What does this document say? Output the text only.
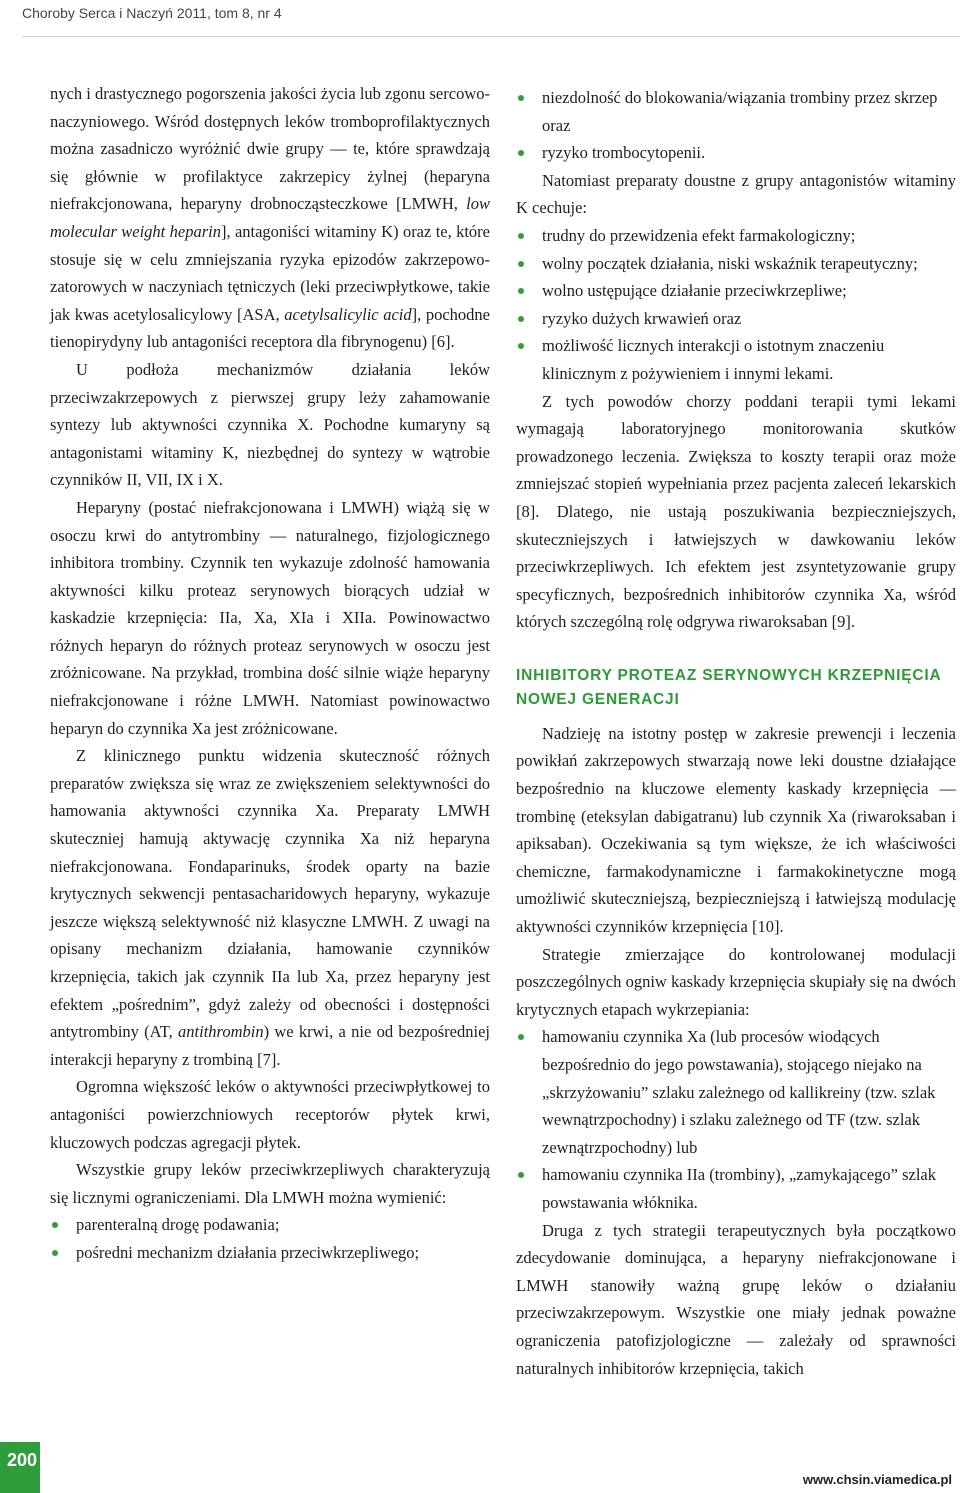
Choroby Serca i Naczyń 2011, tom 8, nr 4

nych i drastycznego pogorszenia jakości życia lub zgonu sercowo-naczyniowego. Wśród dostępnych leków tromboprofilaktycznych można zasadniczo wyróżnić dwie grupy — te, które sprawdzają się głównie w profilaktyce zakrzepicy żylnej (heparyna niefrakcjonowana, heparyny drobnocząsteczkowe [LMWH, low molecular weight heparin], antagoniści witaminy K) oraz te, które stosuje się w celu zmniejszania ryzyka epizodów zakrzepowo-zatorowych w naczyniach tętniczych (leki przeciwpłytkowe, takie jak kwas acetylosalicylowy [ASA, acetylsalicylic acid], pochodne tienopirydyny lub antagoniści receptora dla fibrynogenu) [6].

U podłoża mechanizmów działania leków przeciwzakrzepowych z pierwszej grupy leży zahamowanie syntezy lub aktywności czynnika X. Pochodne kumaryny są antagonistami witaminy K, niezbędnej do syntezy w wątrobie czynników II, VII, IX i X.

Heparyny (postać niefrakcjonowana i LMWH) wiążą się w osoczu krwi do antytrombiny — naturalnego, fizjologicznego inhibitora trombiny. Czynnik ten wykazuje zdolność hamowania aktywności kilku proteaz serynowych biorących udział w kaskadzie krzepnięcia: IIa, Xa, XIa i XIIa. Powinowactwo różnych heparyn do różnych proteaz serynowych w osoczu jest zróżnicowane. Na przykład, trombina dość silnie wiąże heparyny niefrakcjonowane i różne LMWH. Natomiast powinowactwo heparyn do czynnika Xa jest zróżnicowane.

Z klinicznego punktu widzenia skuteczność różnych preparatów zwiększa się wraz ze zwiększeniem selektywności do hamowania aktywności czynnika Xa. Preparaty LMWH skuteczniej hamują aktywację czynnika Xa niż heparyna niefrakcjonowana. Fondaparinuks, środek oparty na bazie krytycznych sekwencji pentasacharidowych heparyny, wykazuje jeszcze większą selektywność niż klasyczne LMWH. Z uwagi na opisany mechanizm działania, hamowanie czynników krzepnięcia, takich jak czynnik IIa lub Xa, przez heparyny jest efektem „pośrednim”, gdyż zależy od obecności i dostępności antytrombiny (AT, antithrombin) we krwi, a nie od bezpośredniej interakcji heparyny z trombiną [7].

Ogromna większość leków o aktywności przeciwpłytkowej to antagoniści powierzchniowych receptorów płytek krwi, kluczowych podczas agregacji płytek.

Wszystkie grupy leków przeciwkrzepliwych charakteryzują się licznymi ograniczeniami. Dla LMWH można wymienić:

parenteralną drogę podawania;
pośredni mechanizm działania przeciwkrzepliwego;
niezdolność do blokowania/wiązania trombiny przez skrzep oraz
ryzyko trombocytopenii.

Natomiast preparaty doustne z grupy antagonistów witaminy K cechuje:

trudny do przewidzenia efekt farmakologiczny;
wolny początek działania, niski wskaźnik terapeutyczny;
wolno ustępujące działanie przeciwkrzepliwe;
ryzyko dużych krwawień oraz
możliwość licznych interakcji o istotnym znaczeniu klinicznym z pożywieniem i innymi lekami.

Z tych powodów chorzy poddani terapii tymi lekami wymagają laboratoryjnego monitorowania skutków prowadzonego leczenia. Zwiększa to koszty terapii oraz może zmniejszać stopień wypełniania przez pacjenta zaleceń lekarskich [8]. Dlatego, nie ustają poszukiwania bezpieczniejszych, skuteczniejszych i łatwiejszych w dawkowaniu leków przeciwkrzepliwych. Ich efektem jest zsyntetyzowanie grupy specyficznych, bezpośrednich inhibitorów czynnika Xa, wśród których szczególną rolę odgrywa riwaroksaban [9].

INHIBITORY PROTEAZ SERYNOWYCH KRZEPNIĘCIA NOWEJ GENERACJI

Nadzieję na istotny postęp w zakresie prewencji i leczenia powikłań zakrzepowych stwarzają nowe leki doustne działające bezpośrednio na kluczowe elementy kaskady krzepnięcia — trombinę (eteksylan dabigatranu) lub czynnik Xa (riwaroksaban i apiksaban). Oczekiwania są tym większe, że ich właściwości chemiczne, farmakodynamiczne i farmakokinetyczne mogą umożliwić skuteczniejszą, bezpieczniejszą i łatwiejszą modulację aktywności czynników krzepnięcia [10].

Strategie zmierzające do kontrolowanej modulacji poszczególnych ogniw kaskady krzepnięcia skupiały się na dwóch krytycznych etapach wykrzepiania:

hamowaniu czynnika Xa (lub procesów wiodących bezpośrednio do jego powstawania), stojącego niejako na „skrzyżowaniu” szlaku zależnego od kallikreiny (tzw. szlak wewnątrzpochodny) i szlaku zależnego od TF (tzw. szlak zewnątrzpochodny) lub
hamowaniu czynnika IIa (trombiny), „zamykającego” szlak powstawania włóknika.

Druga z tych strategii terapeutycznych była początkowo zdecydowanie dominująca, a heparyny niefrakcjonowane i LMWH stanowiły ważną grupę leków o działaniu przeciwzakrzepowym. Wszystkie one miały jednak poważne ograniczenia patofizjologiczne — zależały od sprawności naturalnych inhibitorów krzepnięcia, takich

200
www.chsin.viamedica.pl
